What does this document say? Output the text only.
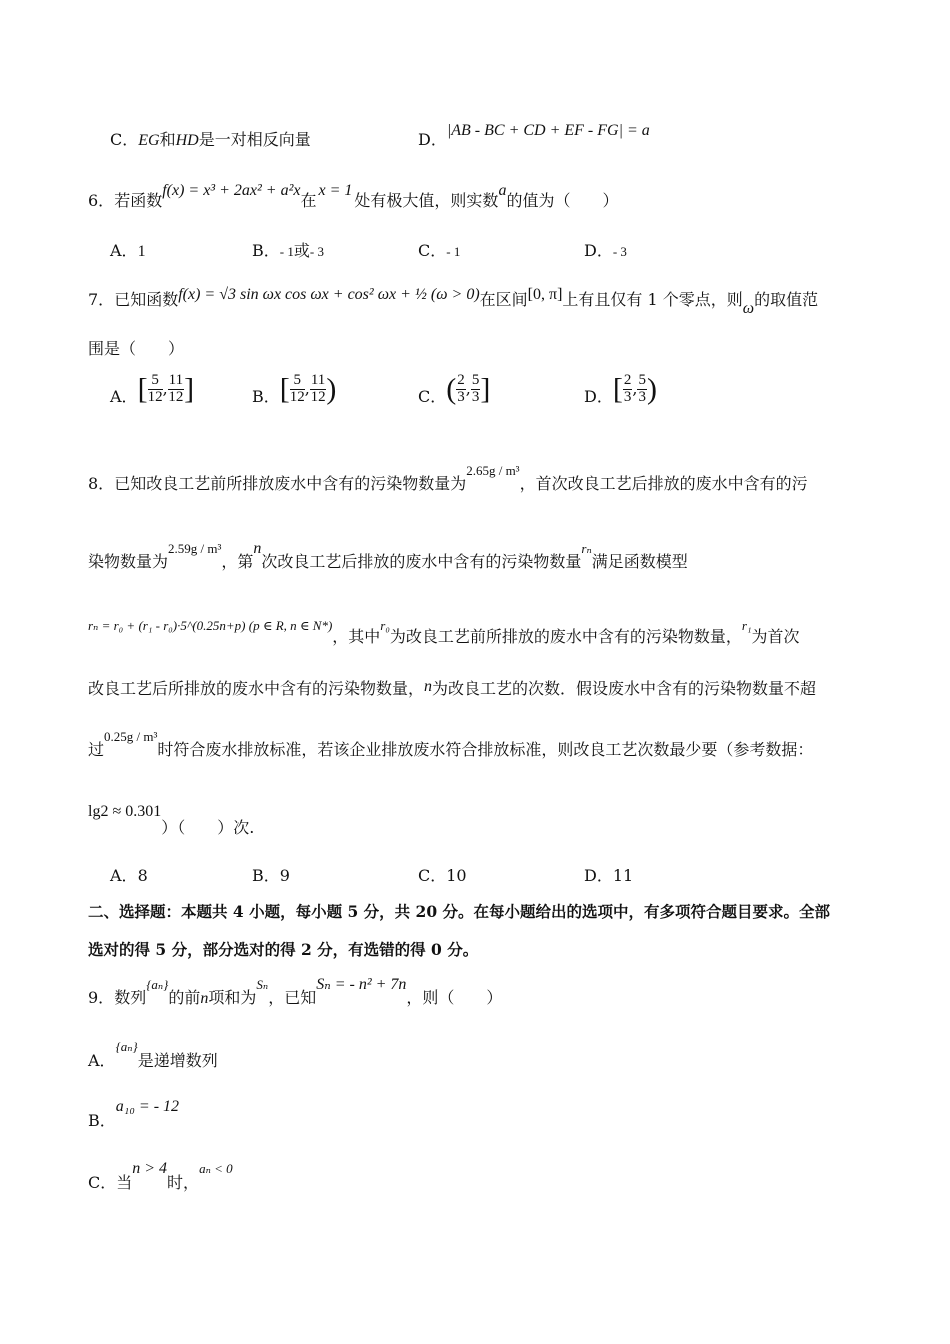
C．EG和HD是一对相反向量	D．|AB - BC + CD + EF - FG| = a
6．若函数f(x) = x³ + 2ax² + a²x在x = 1处有极大值，则实数a的值为（　　）
A．1	B．- 1或- 3	C．- 1	D．- 3
7．已知函数f(x) = √3 sin ωx cos ωx + cos² ωx + ½ (ω > 0)在区间[0, π]上有且仅有 1 个零点，则ω的取值范
围是（　　）
A．[ $\frac{5}{12}$ , $\frac{11}{12}$ ]	B．[ $\frac{5}{12}$ , $\frac{11}{12}$ )	C．( $\frac{2}{3}$ , $\frac{5}{3}$ ]	D．[ $\frac{2}{3}$ , $\frac{5}{3}$ )
8．已知改良工艺前所排放废水中含有的污染物数量为2.65g / m³，首次改良工艺后排放的废水中含有的污
染物数量为2.59g / m³，第n次改良工艺后排放的废水中含有的污染物数量rₙ满足函数模型
rₙ = r₀ + (r₁ - r₀)·5^(0.25n+p) (p ∈ R, n ∈ N*)，其中r₀为改良工艺前所排放的废水中含有的污染物数量，r₁为首次
改良工艺后所排放的废水中含有的污染物数量，n为改良工艺的次数．假设废水中含有的污染物数量不超
过0.25g / m³时符合废水排放标准，若该企业排放废水符合排放标准，则改良工艺次数最少要（参考数据：
lg2 ≈ 0.301）（　　）次.
A．8	B．9	C．10	D．11
二、选择题：本题共 4 小题，每小题 5 分，共 20 分。在每小题给出的选项中，有多项符合题目要求。全部
选对的得 5 分，部分选对的得 2 分，有选错的得 0 分。
9．数列{aₙ}的前n项和为Sₙ，已知Sₙ = - n² + 7n，则（　　）
A．{aₙ}是递增数列
B．a₁₀ = - 12
C．当n > 4时，aₙ < 0
